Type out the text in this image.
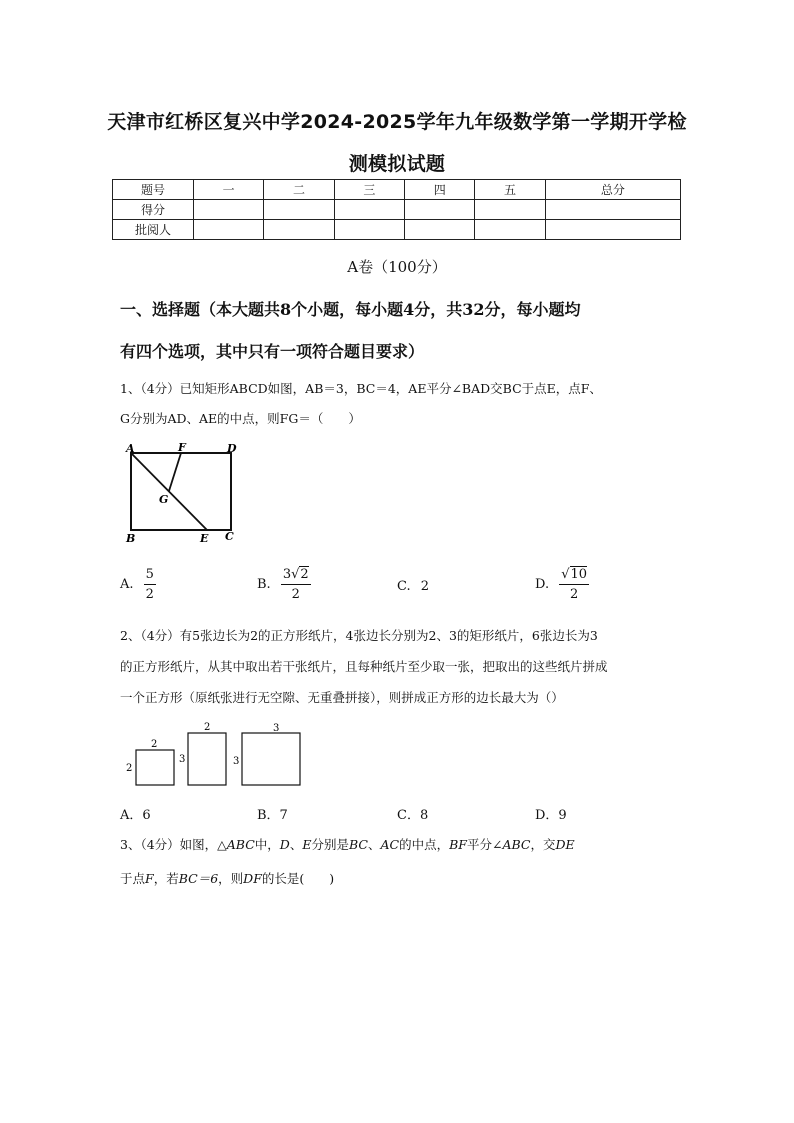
天津市红桥区复兴中学2024-2025学年九年级数学第一学期开学检
测模拟试题
题号	一	二	三	四	五	总分
得分						
批阅人						
A卷（100分）
一、选择题（本大题共8个小题，每小题4分，共32分，每小题均
有四个选项，其中只有一项符合题目要求）
1、（4分）已知矩形ABCD如图，AB＝3，BC＝4，AE平分∠BAD交BC于点E，点F、
G分别为AD、AE的中点，则FG＝（　　）
A	F	D
G
B	E C
A. $\frac{5}{2}$	B. $\frac{3√2}{2}$	C. 2	D. $\frac{√10}{2}$
2、（4分）有5张边长为2的正方形纸片，4张边长分别为2、3的矩形纸片，6张边长为3
的正方形纸片，从其中取出若干张纸片，且每种纸片至少取一张，把取出的这些纸片拼成
一个正方形（原纸张进行无空隙、无重叠拼接），则拼成正方形的边长最大为（）
2
2
2
3
3
3
A．6	B．7	C．8	D．9
3、（4分）如图，△ABC中，D、E分别是BC、AC的中点，BF平分∠ABC，交DE
于点F，若BC＝6，则DF的长是(　　)
